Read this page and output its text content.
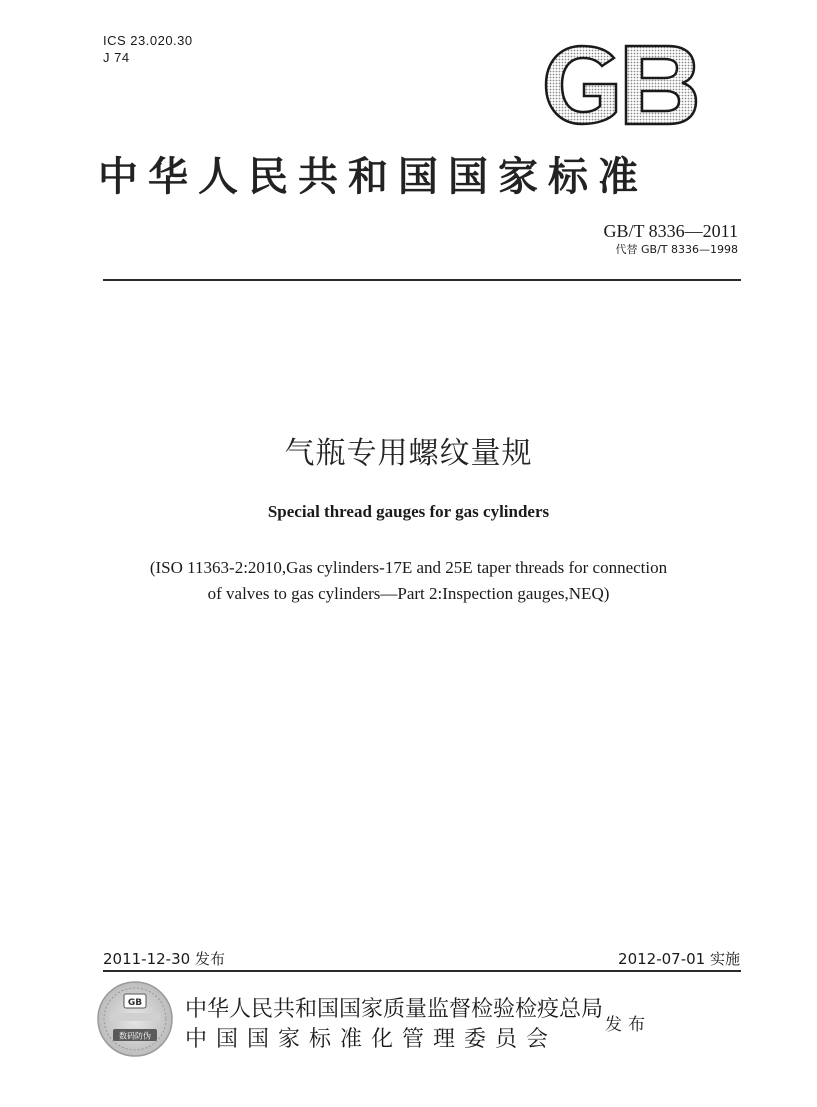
ICS 23.020.30
J 74
中华人民共和国国家标准
GB/T 8336—2011
代替 GB/T 8336—1998
气瓶专用螺纹量规
Special thread gauges for gas cylinders
(ISO 11363-2:2010,Gas cylinders-17E and 25E taper threads for connection
of valves to gas cylinders—Part 2:Inspection gauges,NEQ)
2011-12-30 发布	2012-07-01 实施
GB
数码防伪
中华人民共和国国家质量监督检验检疫总局
中国国家标准化管理委员会
发布
